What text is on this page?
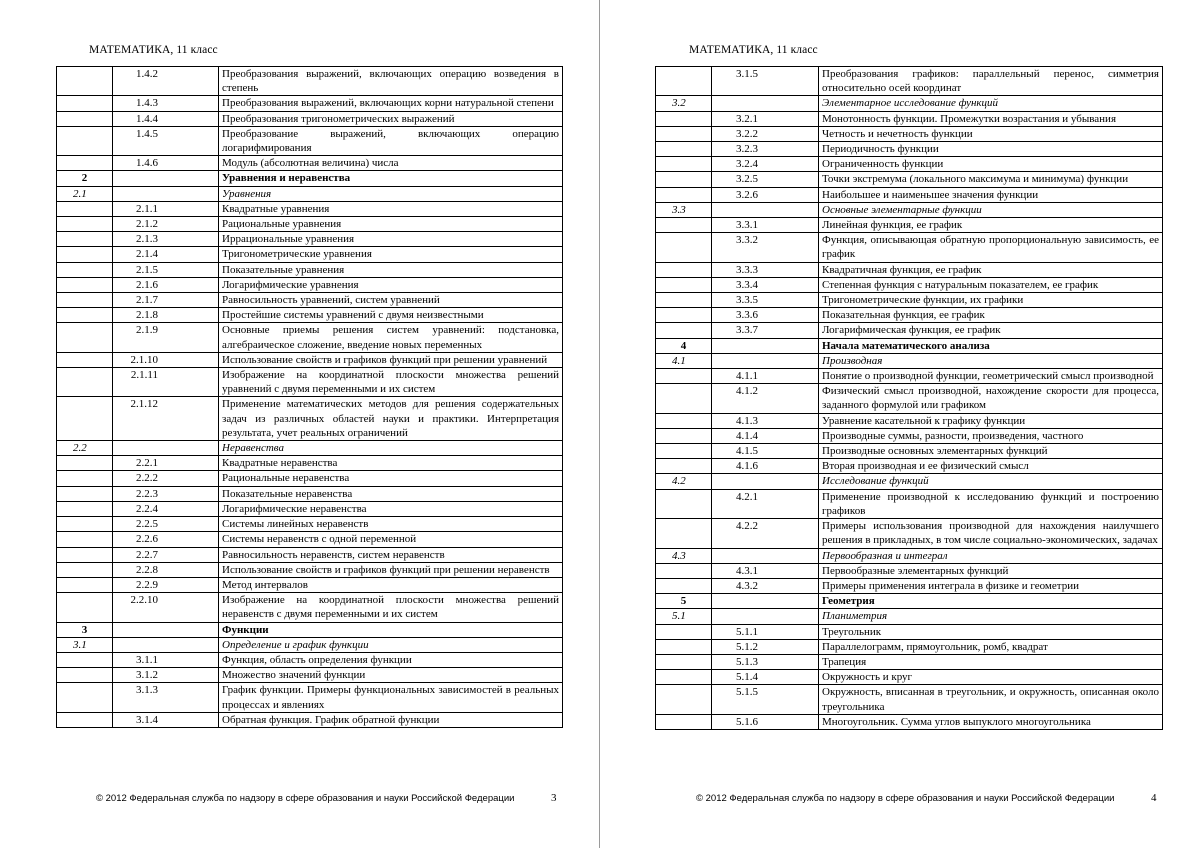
МАТЕМАТИКА, 11 класс
	1.4.2	Преобразования выражений, включающих операцию возведения в степень
	1.4.3	Преобразования выражений, включающих корни натуральной степени
	1.4.4	Преобразования тригонометрических выражений
	1.4.5	Преобразование выражений, включающих операцию логарифмирования
	1.4.6	Модуль (абсолютная величина) числа
2		Уравнения и неравенства
2.1		Уравнения
	2.1.1	Квадратные уравнения
	2.1.2	Рациональные уравнения
	2.1.3	Иррациональные уравнения
	2.1.4	Тригонометрические уравнения
	2.1.5	Показательные уравнения
	2.1.6	Логарифмические уравнения
	2.1.7	Равносильность уравнений, систем уравнений
	2.1.8	Простейшие системы уравнений с двумя неизвестными
	2.1.9	Основные приемы решения систем уравнений: подстановка, алгебраическое сложение, введение новых переменных
	2.1.10	Использование свойств и графиков функций при решении уравнений
	2.1.11	Изображение на координатной плоскости множества решений уравнений с двумя переменными и их систем
	2.1.12	Применение математических методов для решения содержательных задач из различных областей науки и практики. Интерпретация результата, учет реальных ограничений
2.2		Неравенства
	2.2.1	Квадратные неравенства
	2.2.2	Рациональные неравенства
	2.2.3	Показательные неравенства
	2.2.4	Логарифмические неравенства
	2.2.5	Системы линейных неравенств
	2.2.6	Системы неравенств с одной переменной
	2.2.7	Равносильность неравенств, систем неравенств
	2.2.8	Использование свойств и графиков функций при решении неравенств
	2.2.9	Метод интервалов
	2.2.10	Изображение на координатной плоскости множества решений неравенств с двумя переменными и их систем
3		Функции
3.1		Определение и график функции
	3.1.1	Функция, область определения функции
	3.1.2	Множество значений функции
	3.1.3	График функции. Примеры функциональных зависимостей в реальных процессах и явлениях
	3.1.4	Обратная функция. График обратной функции
© 2012 Федеральная служба по надзору в сфере образования и науки Российской Федерации	3
МАТЕМАТИКА, 11 класс
	3.1.5	Преобразования графиков: параллельный перенос, симметрия относительно осей координат
3.2		Элементарное исследование функций
	3.2.1	Монотонность функции. Промежутки возрастания и убывания
	3.2.2	Четность и нечетность функции
	3.2.3	Периодичность функции
	3.2.4	Ограниченность функции
	3.2.5	Точки экстремума (локального максимума и минимума) функции
	3.2.6	Наибольшее и наименьшее значения функции
3.3		Основные элементарные функции
	3.3.1	Линейная функция, ее график
	3.3.2	Функция, описывающая обратную пропорциональную зависимость, ее график
	3.3.3	Квадратичная функция, ее график
	3.3.4	Степенная функция с натуральным показателем, ее график
	3.3.5	Тригонометрические функции, их графики
	3.3.6	Показательная функция, ее график
	3.3.7	Логарифмическая функция, ее график
4		Начала математического анализа
4.1		Производная
	4.1.1	Понятие о производной функции, геометрический смысл производной
	4.1.2	Физический смысл производной, нахождение скорости для процесса, заданного формулой или графиком
	4.1.3	Уравнение касательной к графику функции
	4.1.4	Производные суммы, разности, произведения, частного
	4.1.5	Производные основных элементарных функций
	4.1.6	Вторая производная и ее физический смысл
4.2		Исследование функций
	4.2.1	Применение производной к исследованию функций и построению графиков
	4.2.2	Примеры использования производной для нахождения наилучшего решения в прикладных, в том числе социально-экономических, задачах
4.3		Первообразная и интеграл
	4.3.1	Первообразные элементарных функций
	4.3.2	Примеры применения интеграла в физике и геометрии
5		Геометрия
5.1		Планиметрия
	5.1.1	Треугольник
	5.1.2	Параллелограмм, прямоугольник, ромб, квадрат
	5.1.3	Трапеция
	5.1.4	Окружность и круг
	5.1.5	Окружность, вписанная в треугольник, и окружность, описанная около треугольника
	5.1.6	Многоугольник. Сумма углов выпуклого многоугольника
© 2012 Федеральная служба по надзору в сфере образования и науки Российской Федерации	4
